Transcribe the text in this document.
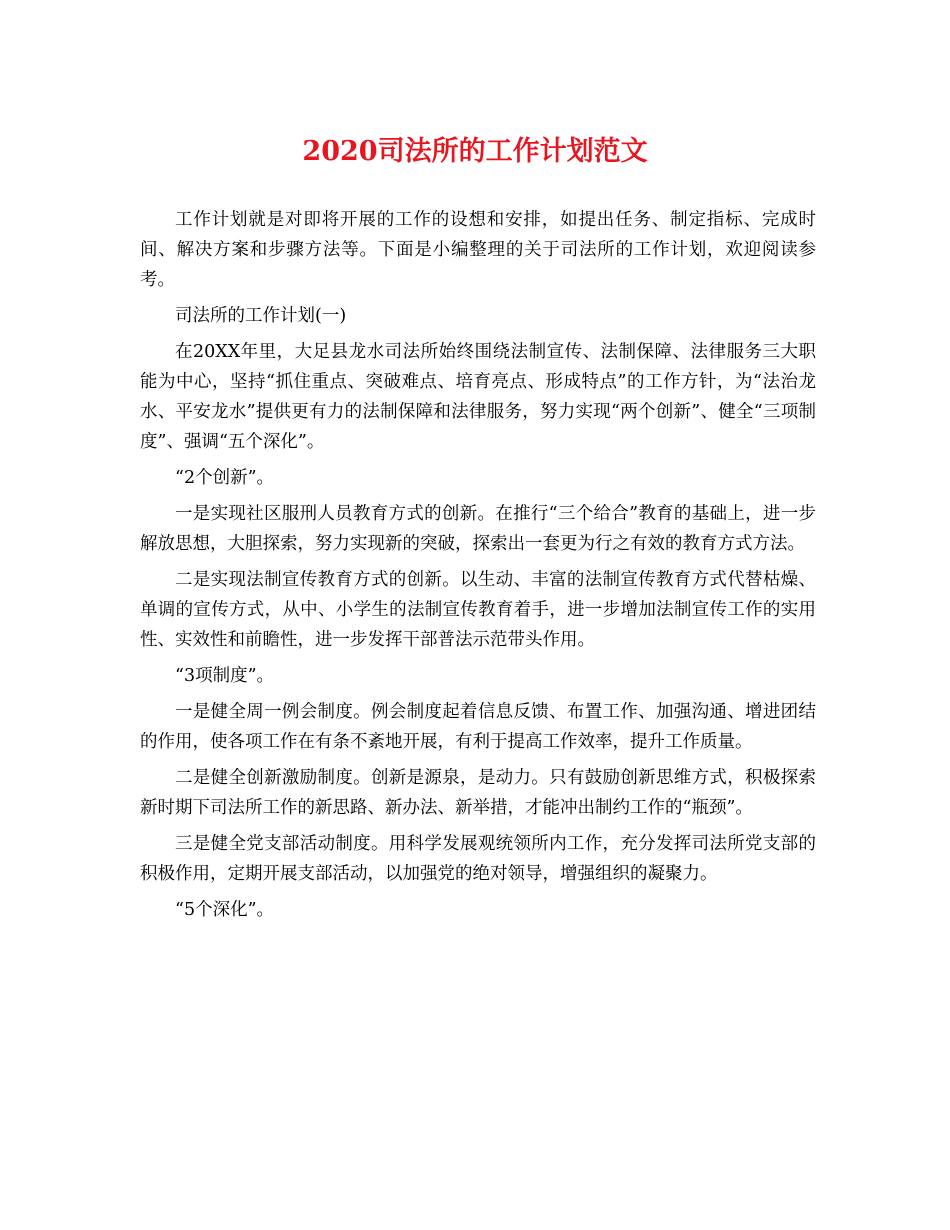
2020司法所的工作计划范文

工作计划就是对即将开展的工作的设想和安排，如提出任务、制定指标、完成时间、解决方案和步骤方法等。下面是小编整理的关于司法所的工作计划，欢迎阅读参考。

司法所的工作计划(一)

在20XX年里，大足县龙水司法所始终围绕法制宣传、法制保障、法律服务三大职能为中心，坚持“抓住重点、突破难点、培育亮点、形成特点”的工作方针，为“法治龙水、平安龙水”提供更有力的法制保障和法律服务，努力实现“两个创新”、健全“三项制度”、强调“五个深化”。

“2个创新”。

一是实现社区服刑人员教育方式的创新。在推行“三个给合”教育的基础上，进一步解放思想，大胆探索，努力实现新的突破，探索出一套更为行之有效的教育方式方法。

二是实现法制宣传教育方式的创新。以生动、丰富的法制宣传教育方式代替枯燥、单调的宣传方式，从中、小学生的法制宣传教育着手，进一步增加法制宣传工作的实用性、实效性和前瞻性，进一步发挥干部普法示范带头作用。

“3项制度”。

一是健全周一例会制度。例会制度起着信息反馈、布置工作、加强沟通、增进团结的作用，使各项工作在有条不紊地开展，有利于提高工作效率，提升工作质量。

二是健全创新激励制度。创新是源泉，是动力。只有鼓励创新思维方式，积极探索新时期下司法所工作的新思路、新办法、新举措，才能冲出制约工作的“瓶颈”。

三是健全党支部活动制度。用科学发展观统领所内工作，充分发挥司法所党支部的积极作用，定期开展支部活动，以加强党的绝对领导，增强组织的凝聚力。

“5个深化”。
